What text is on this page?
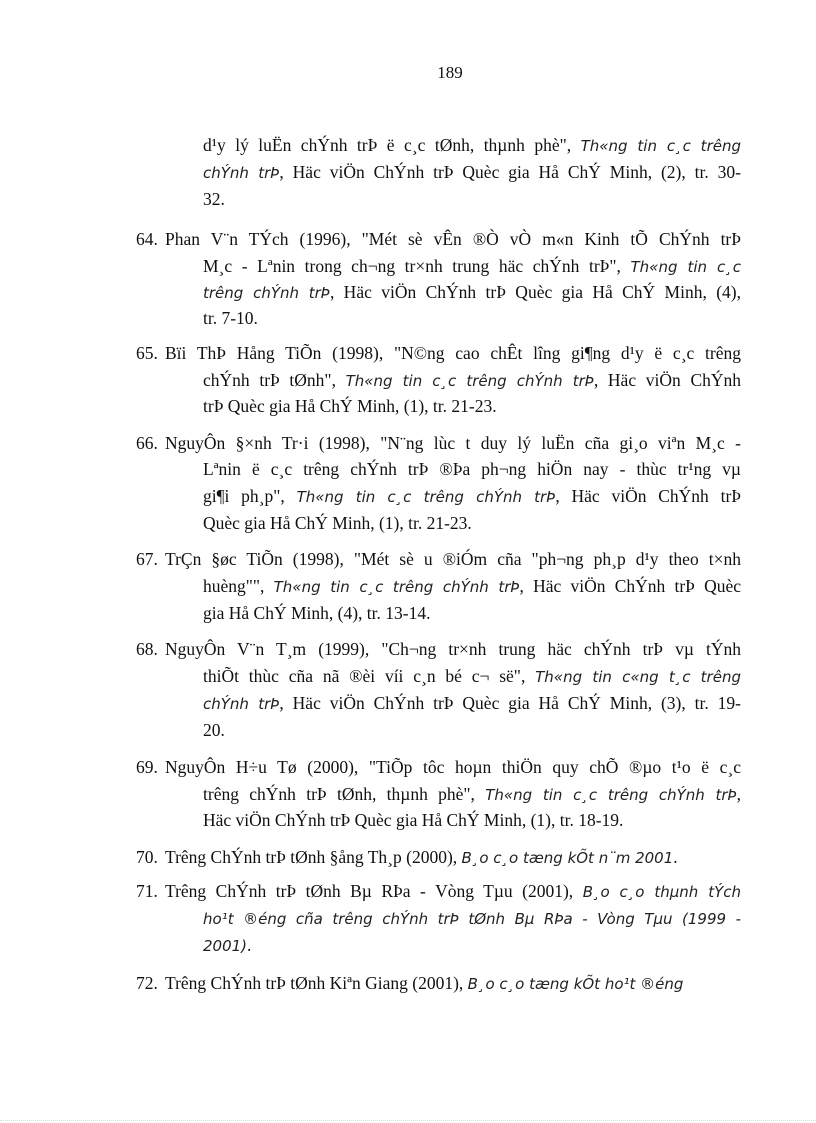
189
d¹y lý luËn chÝnh trÞ ë c¸c tØnh, thµnh phè", Th«ng tin c¸c trêng
chÝnh trÞ, Häc viÖn ChÝnh trÞ Quèc gia Hå ChÝ Minh, (2), tr. 30-
32.
64. Phan V¨n TÝch (1996), "Mét sè vÊn ®Ò vÒ m«n Kinh tÕ ChÝnh trÞ
M¸c - Lªnin trong ch¬ng tr×nh trung häc chÝnh trÞ", Th«ng tin c¸c
trêng chÝnh trÞ, Häc viÖn ChÝnh trÞ Quèc gia Hå ChÝ Minh, (4),
tr. 7-10.
65. Bïi ThÞ Hång TiÕn (1998), "N©ng cao chÊt lîng gi¶ng d¹y ë c¸c trêng
chÝnh trÞ tØnh", Th«ng tin c¸c trêng chÝnh trÞ, Häc viÖn ChÝnh
trÞ Quèc gia Hå ChÝ Minh, (1), tr. 21-23.
66. NguyÔn §×nh Tr·i (1998), "N¨ng lùc t duy lý luËn cña gi¸o viªn M¸c -
Lªnin ë c¸c trêng chÝnh trÞ ®Þa ph¬ng hiÖn nay - thùc tr¹ng vµ
gi¶i ph¸p", Th«ng tin c¸c trêng chÝnh trÞ, Häc viÖn ChÝnh trÞ
Quèc gia Hå ChÝ Minh, (1), tr. 21-23.
67. TrÇn §øc TiÕn (1998), "Mét sè u ®iÓm cña "ph¬ng ph¸p d¹y theo t×nh
huèng"", Th«ng tin c¸c trêng chÝnh trÞ, Häc viÖn ChÝnh trÞ Quèc
gia Hå ChÝ Minh, (4), tr. 13-14.
68. NguyÔn V¨n T¸m (1999), "Ch¬ng tr×nh trung häc chÝnh trÞ vµ tÝnh
thiÕt thùc cña nã ®èi víi c¸n bé c¬ së", Th«ng tin c«ng t¸c trêng
chÝnh trÞ, Häc viÖn ChÝnh trÞ Quèc gia Hå ChÝ Minh, (3), tr. 19-
20.
69. NguyÔn H÷u Tø (2000), "TiÕp tôc hoµn thiÖn quy chÕ ®µo t¹o ë c¸c
trêng chÝnh trÞ tØnh, thµnh phè", Th«ng tin c¸c trêng chÝnh trÞ,
Häc viÖn ChÝnh trÞ Quèc gia Hå ChÝ Minh, (1), tr. 18-19.
70. Trêng ChÝnh trÞ tØnh §ång Th¸p (2000), B¸o c¸o tæng kÕt n¨m 2001.
71. Trêng ChÝnh trÞ tØnh Bµ RÞa - Vòng Tµu (2001), B¸o c¸o thµnh tÝch
ho¹t ®éng cña trêng chÝnh trÞ tØnh Bµ RÞa - Vòng Tµu (1999 -
2001).
72. Trêng ChÝnh trÞ tØnh Kiªn Giang (2001), B¸o c¸o tæng kÕt ho¹t ®éng
